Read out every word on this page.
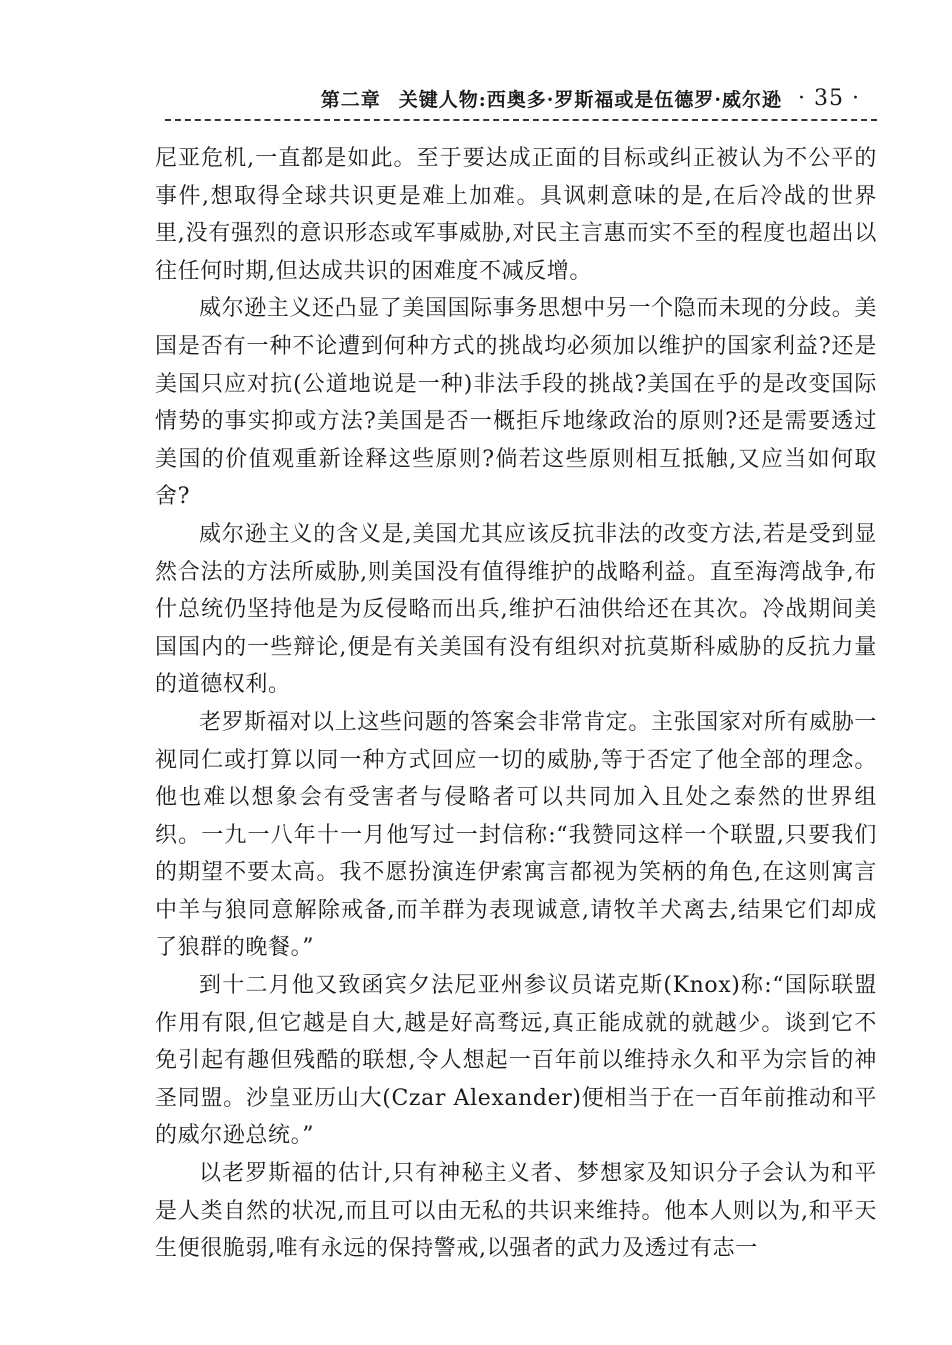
第二章 关键人物:西奥多·罗斯福或是伍德罗·威尔逊 · 35 ·

尼亚危机,一直都是如此。至于要达成正面的目标或纠正被认为不公平的事件,想取得全球共识更是难上加难。具讽刺意味的是,在后冷战的世界里,没有强烈的意识形态或军事威胁,对民主言惠而实不至的程度也超出以往任何时期,但达成共识的困难度不减反增。

威尔逊主义还凸显了美国国际事务思想中另一个隐而未现的分歧。美国是否有一种不论遭到何种方式的挑战均必须加以维护的国家利益?还是美国只应对抗(公道地说是一种)非法手段的挑战?美国在乎的是改变国际情势的事实抑或方法?美国是否一概拒斥地缘政治的原则?还是需要透过美国的价值观重新诠释这些原则?倘若这些原则相互抵触,又应当如何取舍?

威尔逊主义的含义是,美国尤其应该反抗非法的改变方法,若是受到显然合法的方法所威胁,则美国没有值得维护的战略利益。直至海湾战争,布什总统仍坚持他是为反侵略而出兵,维护石油供给还在其次。冷战期间美国国内的一些辩论,便是有关美国有没有组织对抗莫斯科威胁的反抗力量的道德权利。

老罗斯福对以上这些问题的答案会非常肯定。主张国家对所有威胁一视同仁或打算以同一种方式回应一切的威胁,等于否定了他全部的理念。他也难以想象会有受害者与侵略者可以共同加入且处之泰然的世界组织。一九一八年十一月他写过一封信称:“我赞同这样一个联盟,只要我们的期望不要太高。我不愿扮演连伊索寓言都视为笑柄的角色,在这则寓言中羊与狼同意解除戒备,而羊群为表现诚意,请牧羊犬离去,结果它们却成了狼群的晚餐。”

到十二月他又致函宾夕法尼亚州参议员诺克斯(Knox)称:“国际联盟作用有限,但它越是自大,越是好高骛远,真正能成就的就越少。谈到它不免引起有趣但残酷的联想,令人想起一百年前以维持永久和平为宗旨的神圣同盟。沙皇亚历山大(Czar Alexander)便相当于在一百年前推动和平的威尔逊总统。”

以老罗斯福的估计,只有神秘主义者、梦想家及知识分子会认为和平是人类自然的状况,而且可以由无私的共识来维持。他本人则以为,和平天生便很脆弱,唯有永远的保持警戒,以强者的武力及透过有志一
